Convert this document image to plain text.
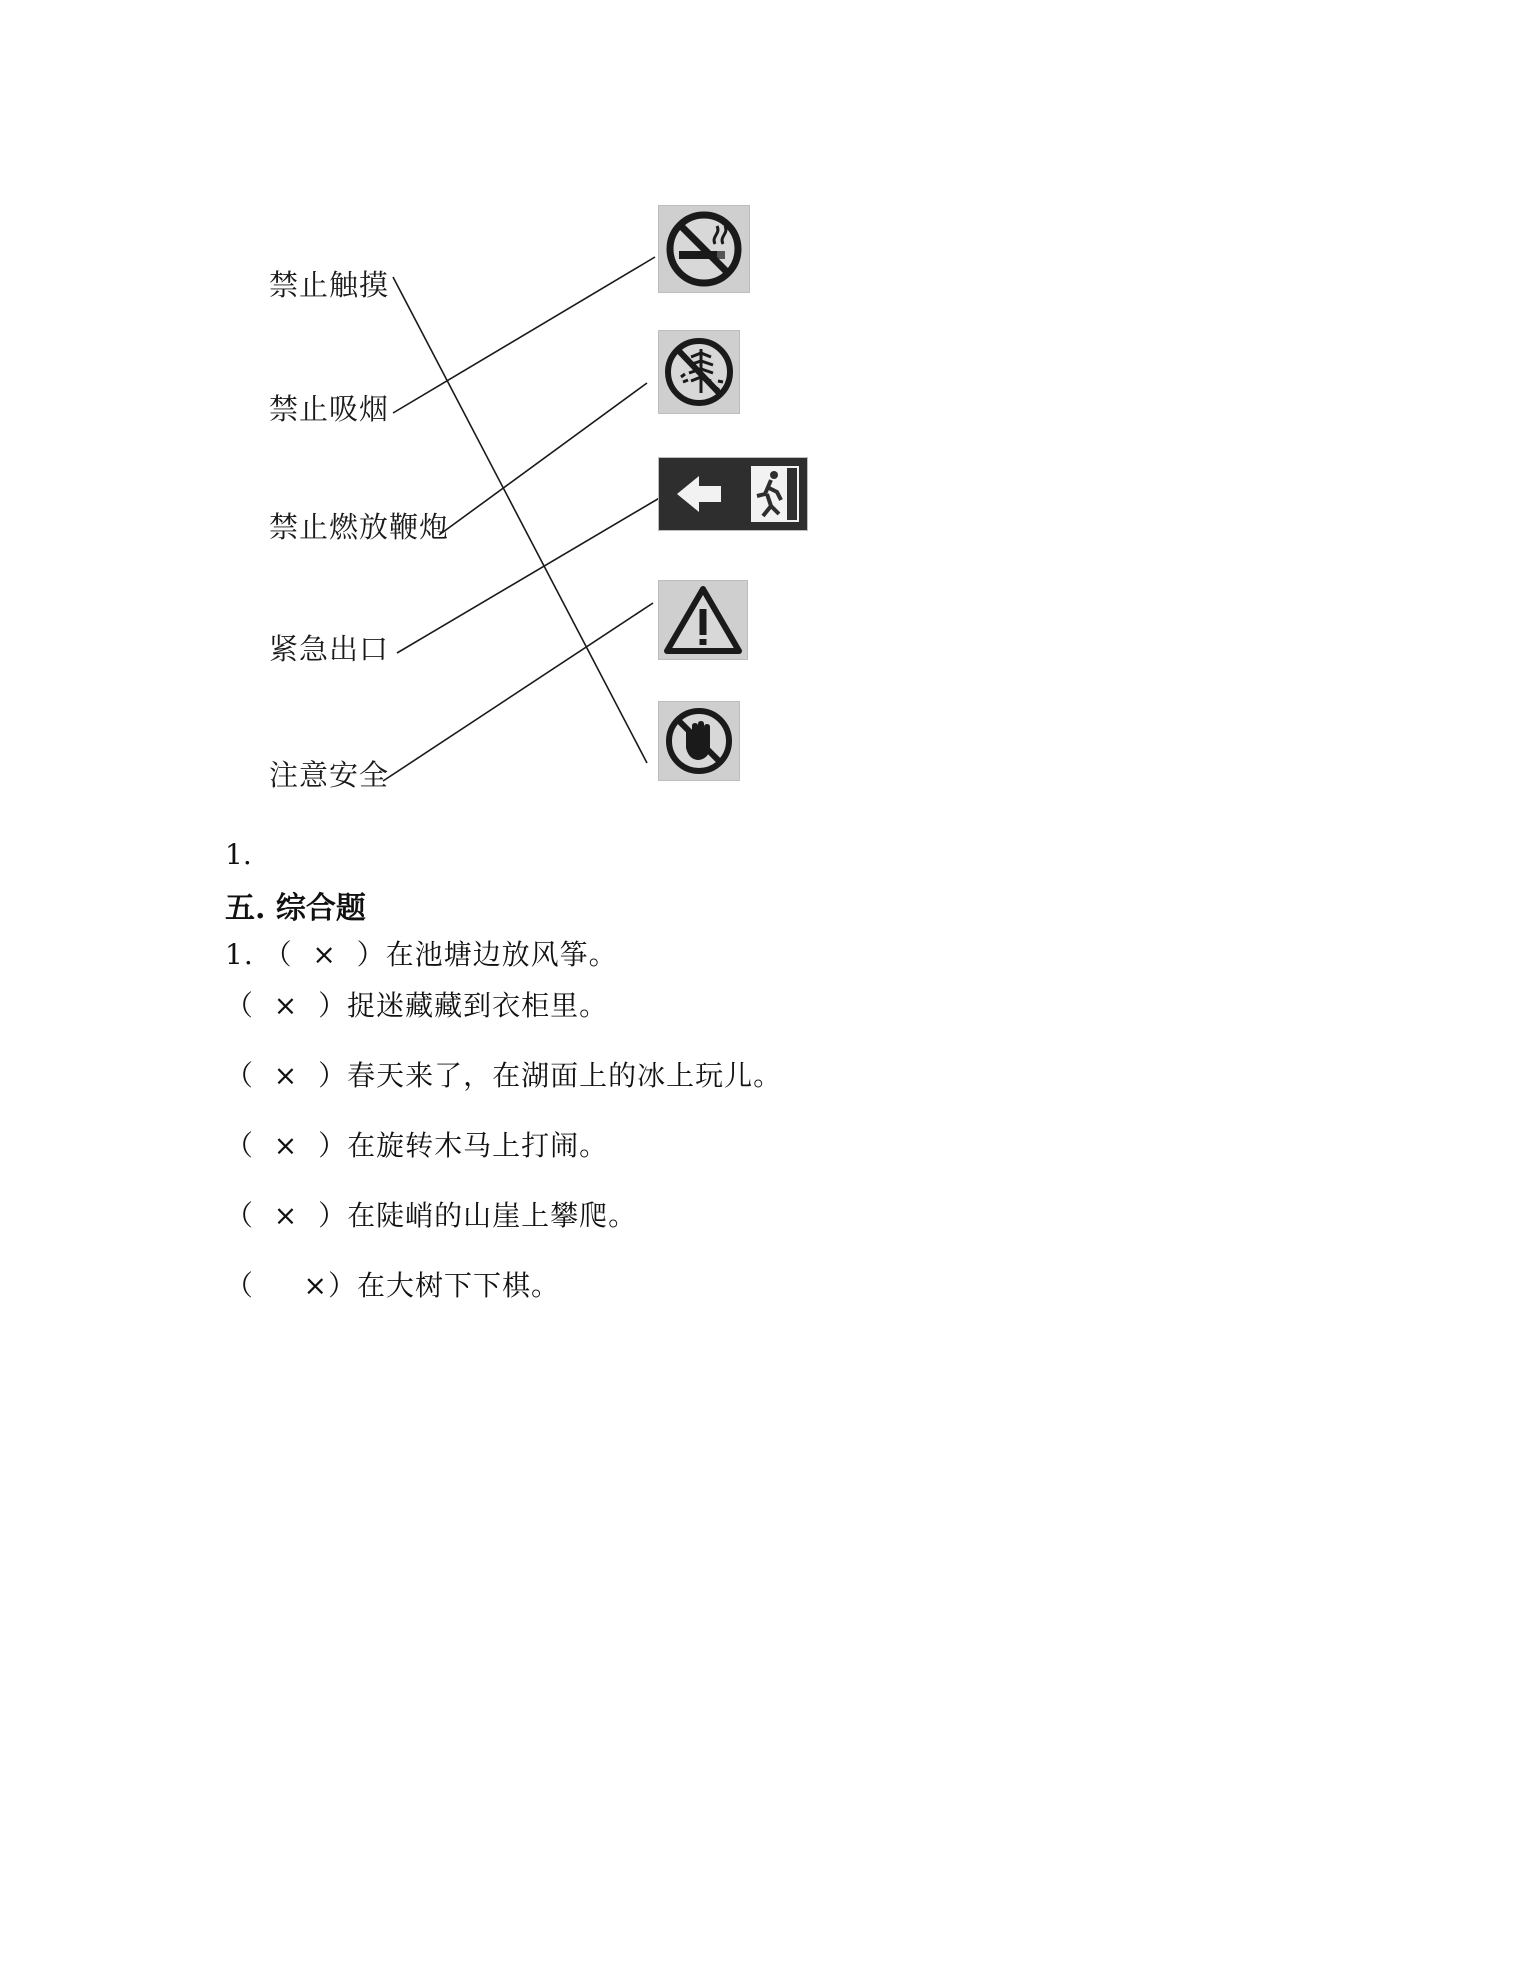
禁止触摸
禁止吸烟
禁止燃放鞭炮
紧急出口
注意安全
1.
五. 综合题
1. （  ×  ）在池塘边放风筝。
（  ×  ）捉迷藏藏到衣柜里。
（  ×  ）春天来了，在湖面上的冰上玩儿。
（  ×  ）在旋转木马上打闹。
（  ×  ）在陡峭的山崖上攀爬。
（     ×）在大树下下棋。
